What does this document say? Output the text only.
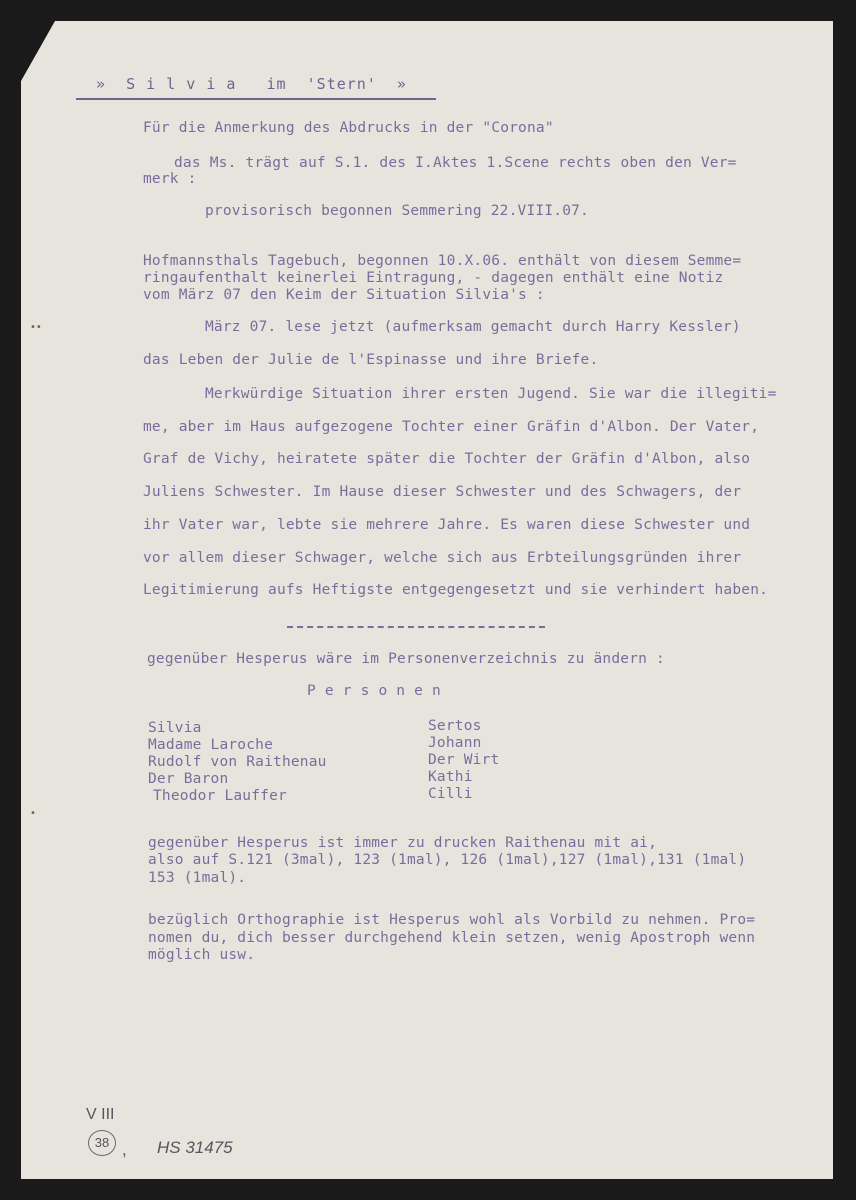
»  S i l v i a   im  'Stern'  »
Für die Anmerkung des Abdrucks in der "Corona"
das Ms. trägt auf S.1. des I.Aktes 1.Scene rechts oben den Ver=
merk :
provisorisch begonnen Semmering 22.VIII.07.
Hofmannsthals Tagebuch, begonnen 10.X.06. enthält von diesem Semme=
ringaufenthalt keinerlei Eintragung, - dagegen enthält eine Notiz
vom März 07 den Keim der Situation Silvia's :
März 07. lese jetzt (aufmerksam gemacht durch Harry Kessler)
das Leben der Julie de l'Espinasse und ihre Briefe.
Merkwürdige Situation ihrer ersten Jugend. Sie war die illegiti=
me, aber im Haus aufgezogene Tochter einer Gräfin d'Albon. Der Vater,
Graf de Vichy, heiratete später die Tochter der Gräfin d'Albon, also
Juliens Schwester. Im Hause dieser Schwester und des Schwagers, der
ihr Vater war, lebte sie mehrere Jahre. Es waren diese Schwester und
vor allem dieser Schwager, welche sich aus Erbteilungsgründen ihrer
Legitimierung aufs Heftigste entgegengesetzt und sie verhindert haben.
gegenüber Hesperus wäre im Personenverzeichnis zu ändern :
P e r s o n e n
Silvia
Madame Laroche
Rudolf von Raithenau
Der Baron
Theodor Lauffer
Sertos
Johann
Der Wirt
Kathi
Cilli
gegenüber Hesperus ist immer zu drucken Raithenau mit ai,
also auf S.121 (3mal), 123 (1mal), 126 (1mal),127 (1mal),131 (1mal)
153 (1mal).
bezüglich Orthographie ist Hesperus wohl als Vorbild zu nehmen. Pro=
nomen du, dich besser durchgehend klein setzen, wenig Apostroph wenn
möglich usw.
••
•
V III
38 , HS 31475
